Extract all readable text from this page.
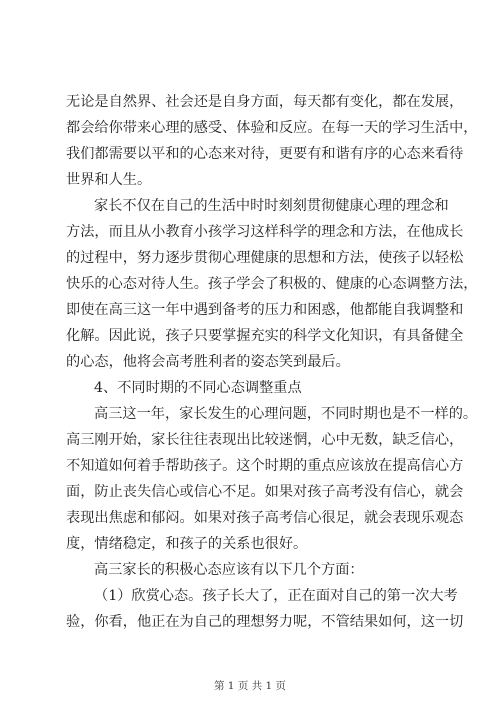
无论是自然界、社会还是自身方面，每天都有变化，都在发展，
都会给你带来心理的感受、体验和反应。在每一天的学习生活中，
我们都需要以平和的心态来对待，更要有和谐有序的心态来看待
世界和人生。
家长不仅在自己的生活中时时刻刻贯彻健康心理的理念和
方法，而且从小教育小孩学习这样科学的理念和方法，在他成长
的过程中，努力逐步贯彻心理健康的思想和方法，使孩子以轻松
快乐的心态对待人生。孩子学会了积极的、健康的心态调整方法，
即使在高三这一年中遇到备考的压力和困惑，他都能自我调整和
化解。因此说，孩子只要掌握充实的科学文化知识，有具备健全
的心态，他将会高考胜利者的姿态笑到最后。
4、不同时期的不同心态调整重点
高三这一年，家长发生的心理问题，不同时期也是不一样的。
高三刚开始，家长往往表现出比较迷惘，心中无数，缺乏信心，
不知道如何着手帮助孩子。这个时期的重点应该放在提高信心方
面，防止丧失信心或信心不足。如果对孩子高考没有信心，就会
表现出焦虑和郁闷。如果对孩子高考信心很足，就会表现乐观态
度，情绪稳定，和孩子的关系也很好。
高三家长的积极心态应该有以下几个方面：
（1）欣赏心态。孩子长大了，正在面对自己的第一次大考
验，你看，他正在为自己的理想努力呢，不管结果如何，这一切
第 1 页 共 1 页
